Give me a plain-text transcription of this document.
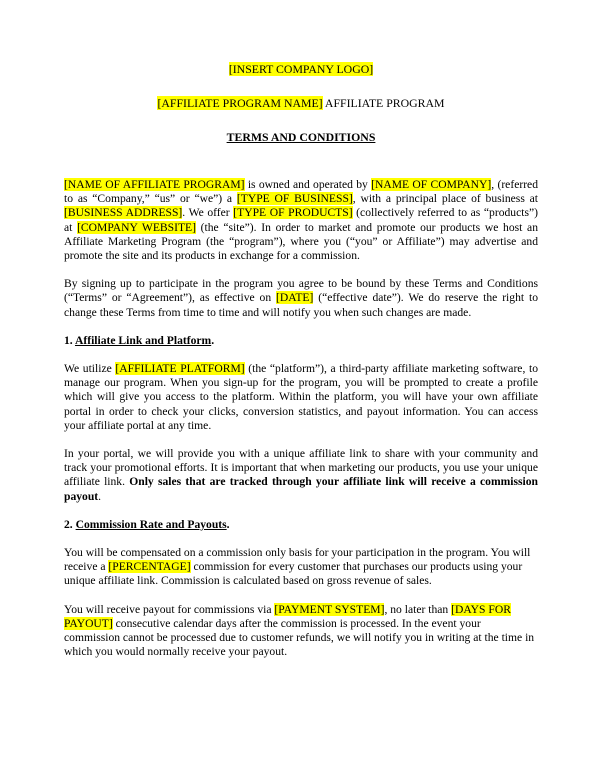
[INSERT COMPANY LOGO]
[AFFILIATE PROGRAM NAME] AFFILIATE PROGRAM
TERMS AND CONDITIONS

[NAME OF AFFILIATE PROGRAM] is owned and operated by [NAME OF COMPANY], (referred to as “Company,” “us” or “we”) a [TYPE OF BUSINESS], with a principal place of business at [BUSINESS ADDRESS]. We offer [TYPE OF PRODUCTS] (collectively referred to as “products”) at [COMPANY WEBSITE] (the “site”). In order to market and promote our products we host an Affiliate Marketing Program (the “program”), where you (“you” or Affiliate”) may advertise and promote the site and its products in exchange for a commission.

By signing up to participate in the program you agree to be bound by these Terms and Conditions (“Terms” or “Agreement”), as effective on [DATE] (“effective date”). We do reserve the right to change these Terms from time to time and will notify you when such changes are made.

1. Affiliate Link and Platform.

We utilize [AFFILIATE PLATFORM] (the “platform”), a third-party affiliate marketing software, to manage our program. When you sign-up for the program, you will be prompted to create a profile which will give you access to the platform. Within the platform, you will have your own affiliate portal in order to check your clicks, conversion statistics, and payout information. You can access your affiliate portal at any time.

In your portal, we will provide you with a unique affiliate link to share with your community and track your promotional efforts. It is important that when marketing our products, you use your unique affiliate link. Only sales that are tracked through your affiliate link will receive a commission payout.

2. Commission Rate and Payouts.

You will be compensated on a commission only basis for your participation in the program. You will receive a [PERCENTAGE] commission for every customer that purchases our products using your unique affiliate link. Commission is calculated based on gross revenue of sales.

You will receive payout for commissions via [PAYMENT SYSTEM], no later than [DAYS FOR PAYOUT] consecutive calendar days after the commission is processed. In the event your commission cannot be processed due to customer refunds, we will notify you in writing at the time in which you would normally receive your payout.
